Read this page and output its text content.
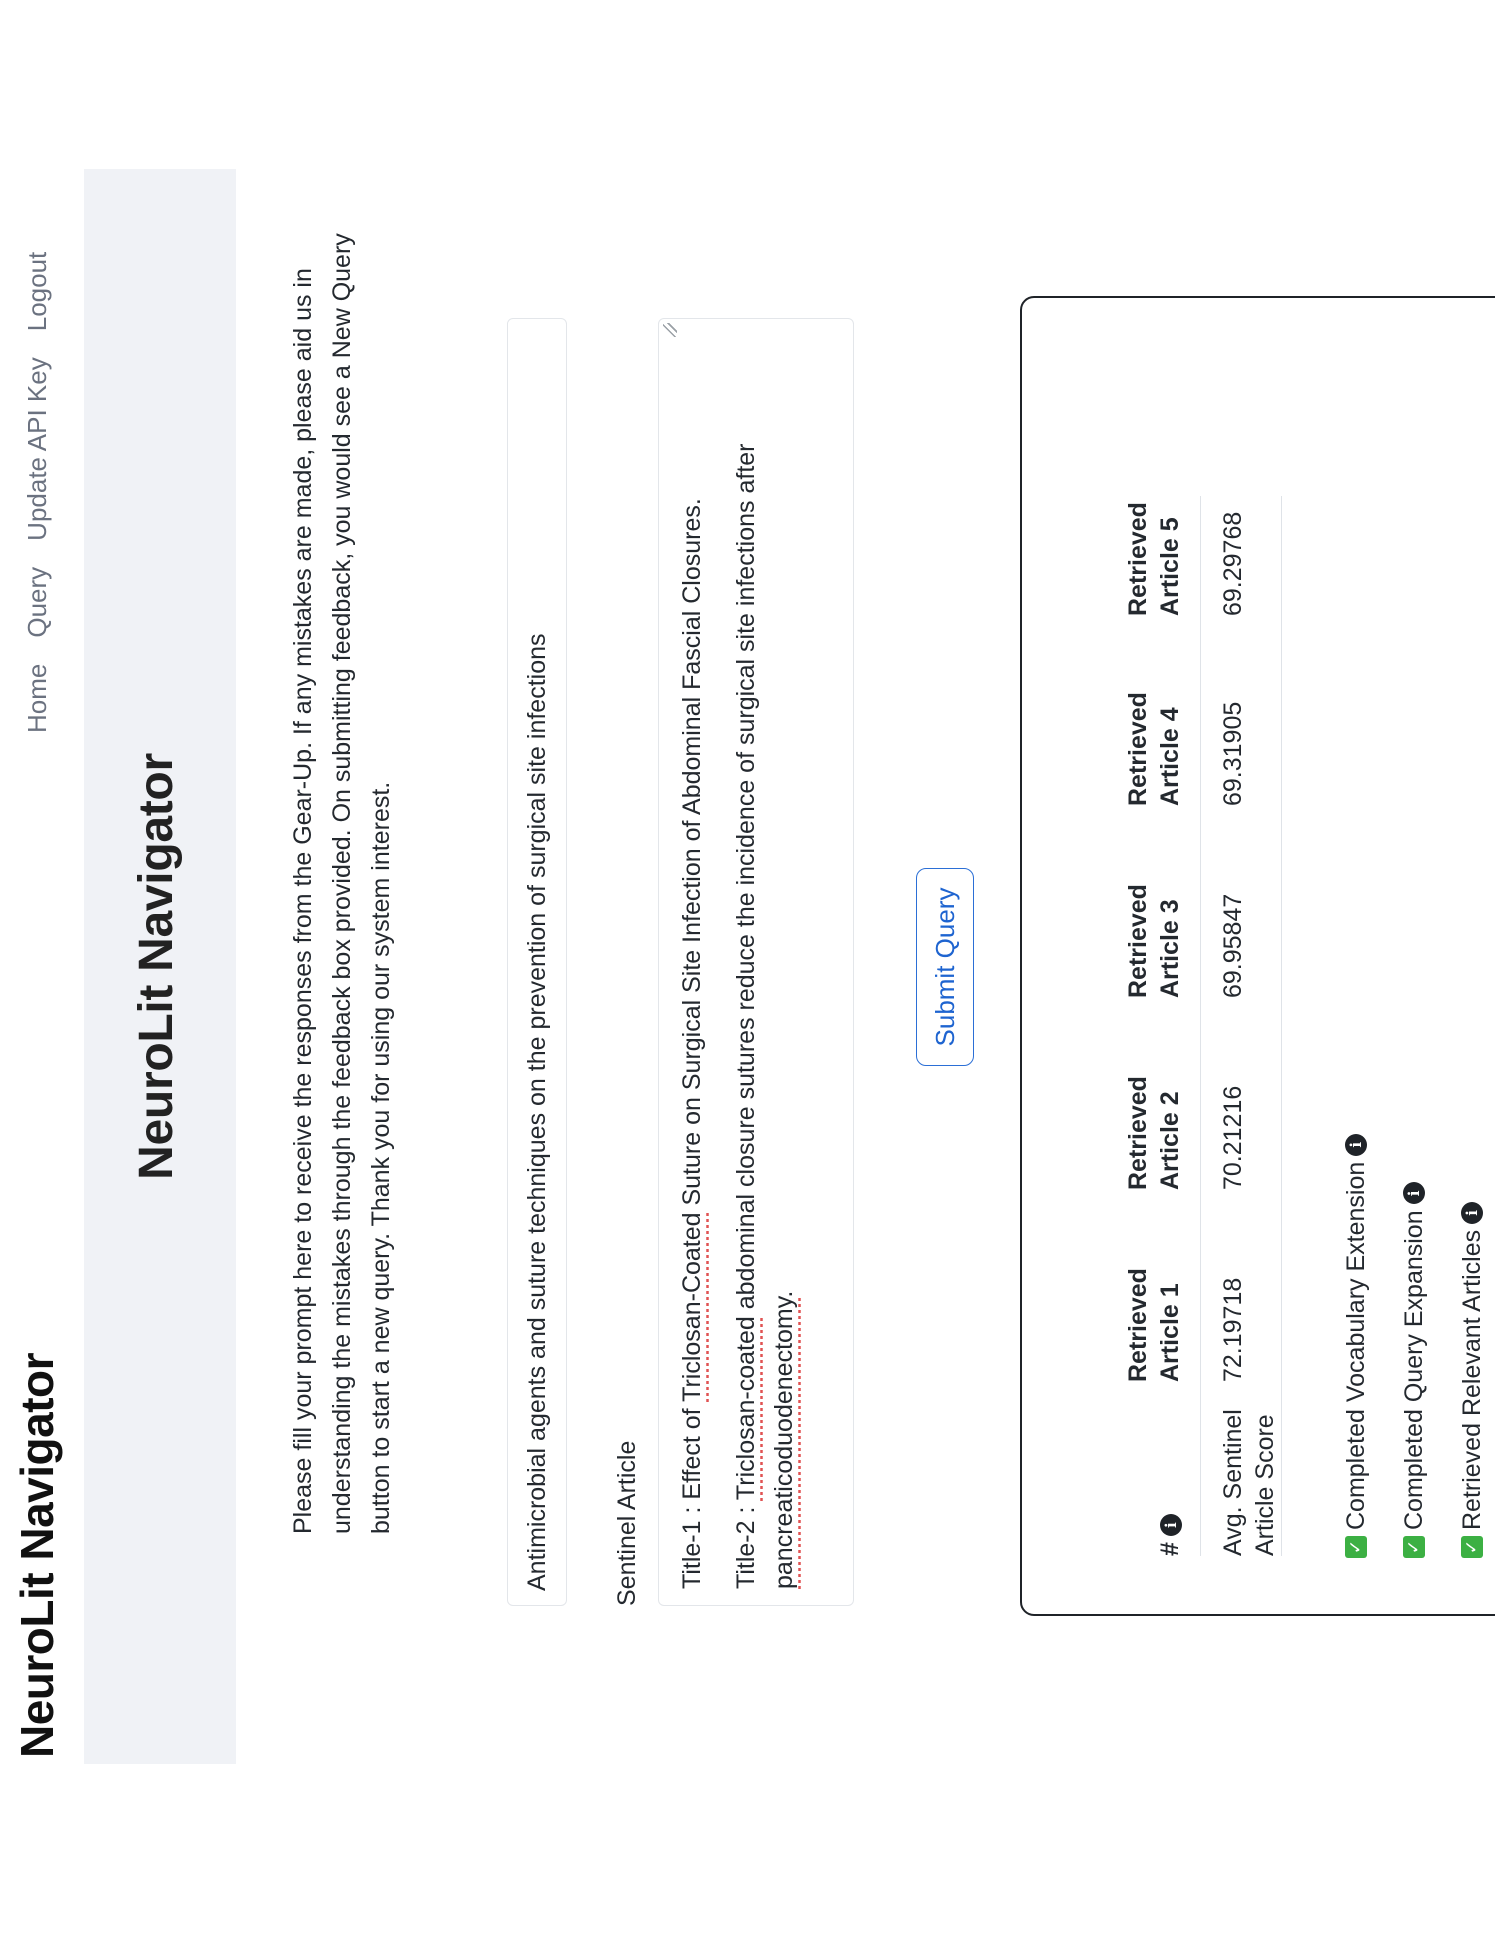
NeuroLit Navigator
Home
Query
Update API Key
Logout
NeuroLit Navigator	Please fill your prompt here to receive the responses from the Gear-Up. If any mistakes are made, please aid us in understanding the mistakes through the feedback box provided. On submitting feedback, you would see a New Query button to start a new query. Thank you for using our system interest.	Antimicrobial agents and suture techniques on the prevention of surgical site infections	Sentinel Article Title-1 : Effect of Triclosan-Coated Suture on Surgical Site Infection of Abdominal Fascial Closures.

Title-2 : Triclosan-coated abdominal closure sutures reduce the incidence of surgical site infections after pancreaticoduodenectomy.

Submit Query
#i	Retrieved Article 1	Retrieved Article 2	Retrieved Article 3	Retrieved Article 4	Retrieved Article 5
Avg. Sentinel Article Score	72.19718	70.21216	69.95847	69.31905	69.29768
✓
Completed Vocabulary Extension
i
✓
Completed Query Expansion
i
✓
Retrieved Relevant Articles
i
